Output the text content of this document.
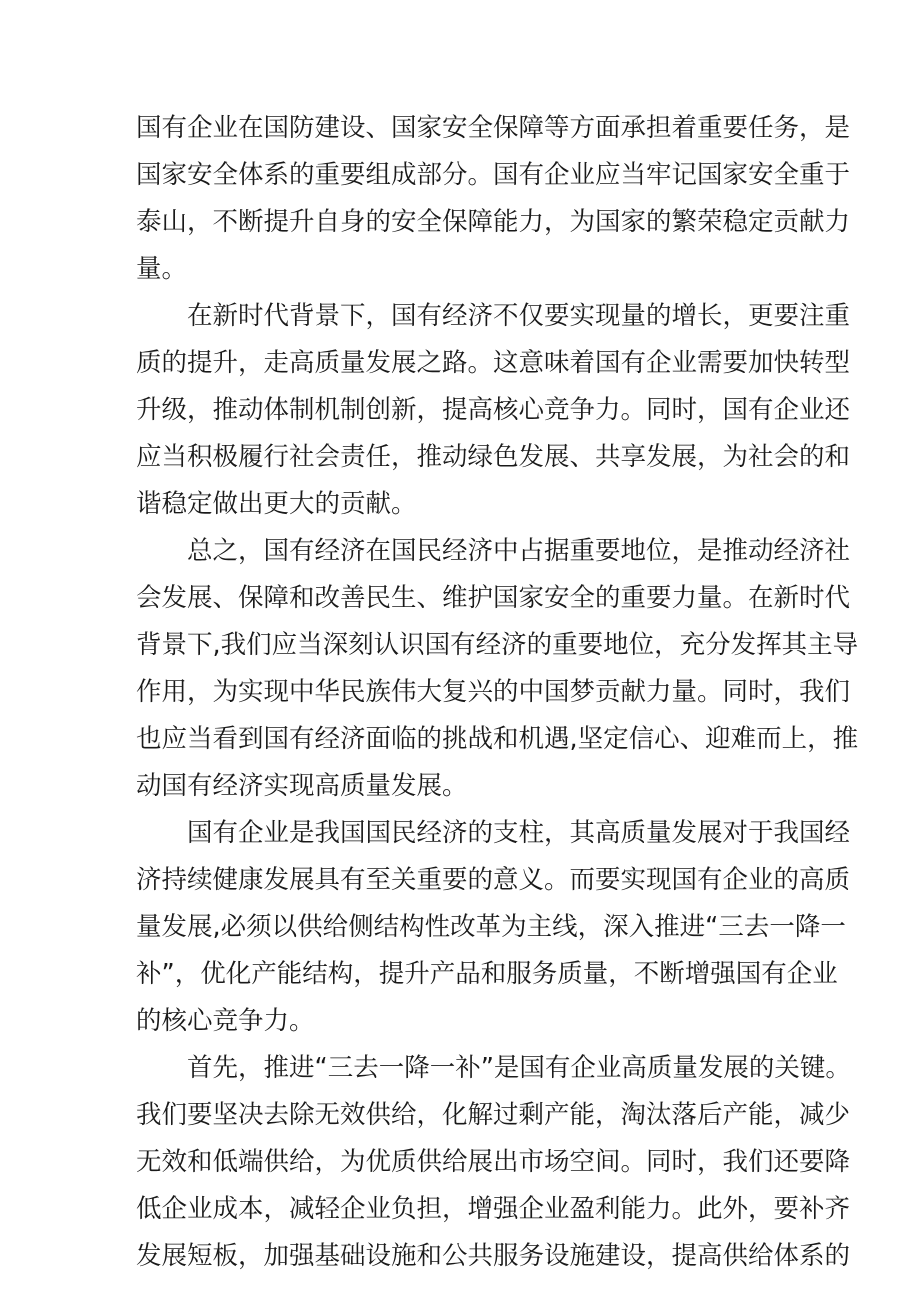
国有企业在国防建设、国家安全保障等方面承担着重要任务，是
国家安全体系的重要组成部分。国有企业应当牢记国家安全重于
泰山，不断提升自身的安全保障能力，为国家的繁荣稳定贡献力
量。
在新时代背景下，国有经济不仅要实现量的增长，更要注重
质的提升，走高质量发展之路。这意味着国有企业需要加快转型
升级，推动体制机制创新，提高核心竞争力。同时，国有企业还
应当积极履行社会责任，推动绿色发展、共享发展，为社会的和
谐稳定做出更大的贡献。
总之，国有经济在国民经济中占据重要地位，是推动经济社
会发展、保障和改善民生、维护国家安全的重要力量。在新时代
背景下,我们应当深刻认识国有经济的重要地位，充分发挥其主导
作用，为实现中华民族伟大复兴的中国梦贡献力量。同时，我们
也应当看到国有经济面临的挑战和机遇,坚定信心、迎难而上，推
动国有经济实现高质量发展。
国有企业是我国国民经济的支柱，其高质量发展对于我国经
济持续健康发展具有至关重要的意义。而要实现国有企业的高质
量发展,必须以供给侧结构性改革为主线，深入推进“三去一降一
补”，优化产能结构，提升产品和服务质量，不断增强国有企业
的核心竞争力。
首先，推进“三去一降一补”是国有企业高质量发展的关键。
我们要坚决去除无效供给，化解过剩产能，淘汰落后产能，减少
无效和低端供给，为优质供给展出市场空间。同时，我们还要降
低企业成本，减轻企业负担，增强企业盈利能力。此外，要补齐
发展短板，加强基础设施和公共服务设施建设，提高供给体系的
